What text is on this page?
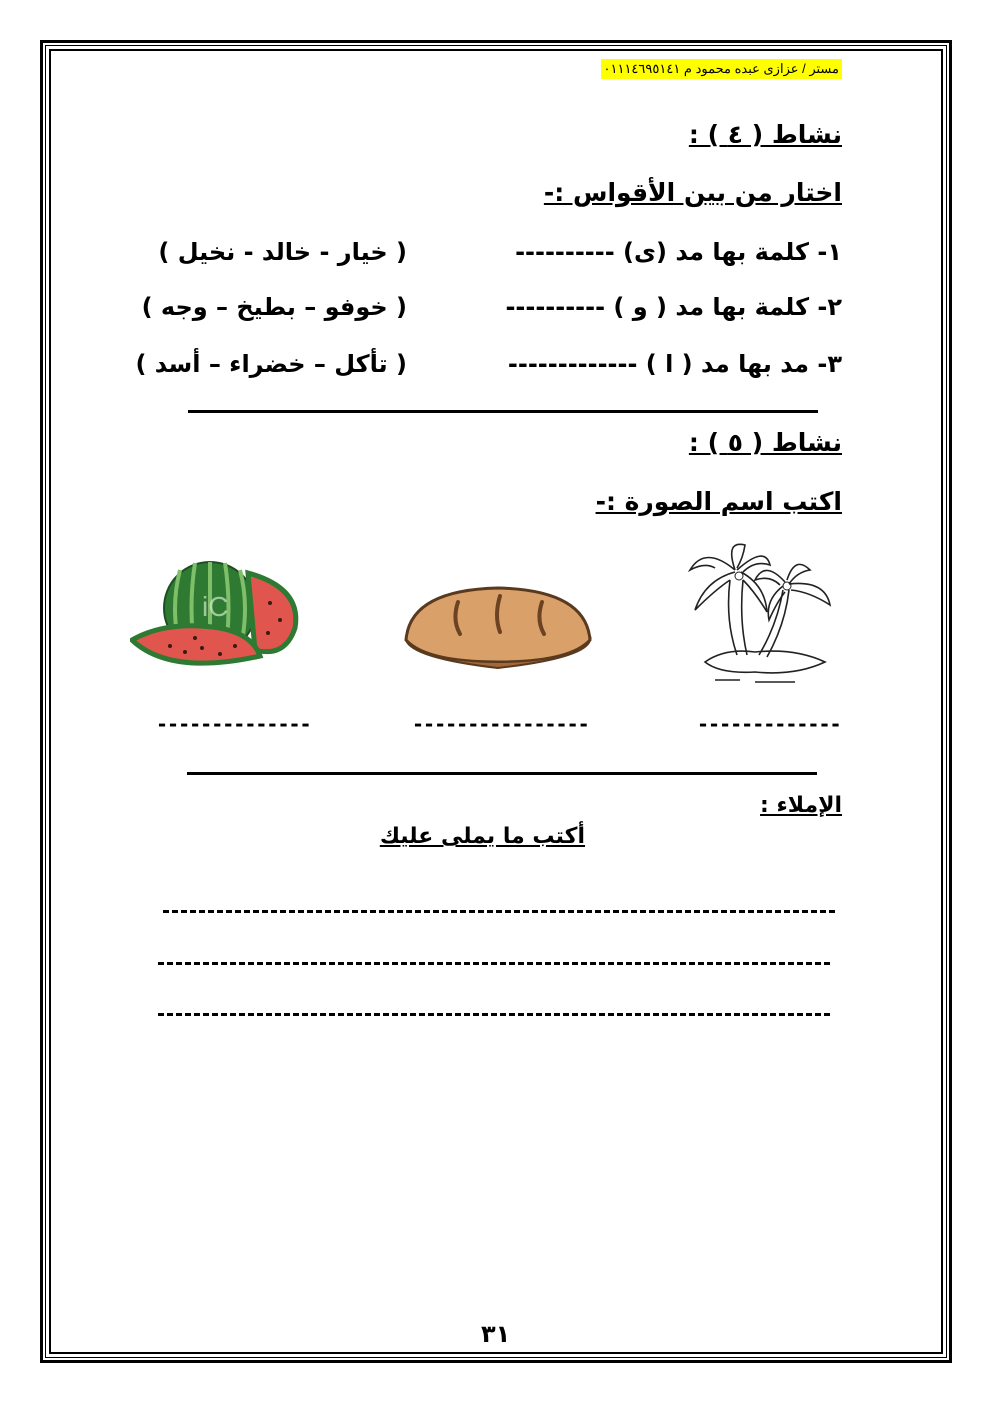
مستر / عزازى عبده محمود م ٠١١١٤٦٩٥١٤١
نشاط ( ٤ ) :
اختار من بين الأقواس :-
١- كلمة بها مد (ى) ----------
( خيار - خالد - نخيل )
٢- كلمة بها مد ( و ) ----------
( خوفو – بطيخ – وجه )
٣- مد بها مد ( ا ) -------------
( تأكل – خضراء – أسد )
نشاط ( ٥ ) :
اكتب اسم الصورة :-
iC
-------------
----------------
--------------
الإملاء :
أكتب ما يملى عليك
٣١
